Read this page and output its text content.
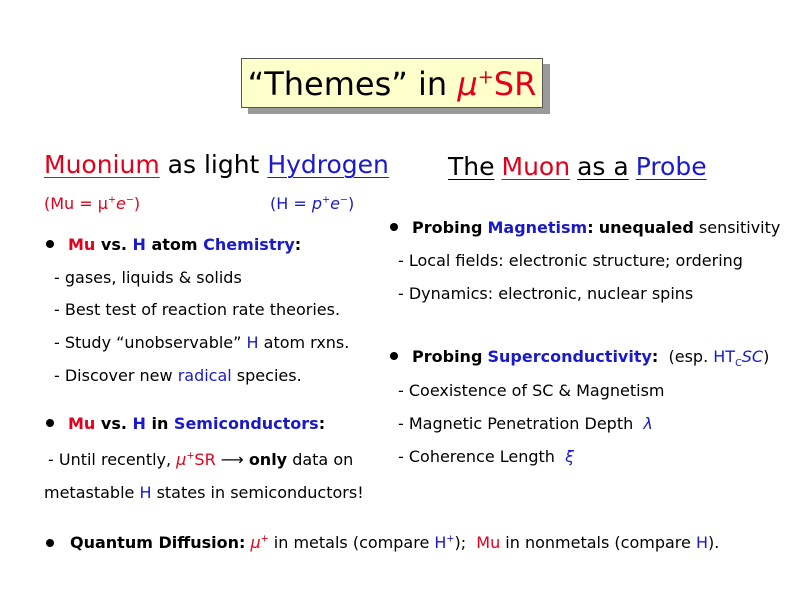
“Themes” in μ+SR
Muonium as light Hydrogen
(Mu = μ+e−)	(H = p+e−)
Mu vs. H atom Chemistry:
- gases, liquids & solids
- Best test of reaction rate theories.
- Study “unobservable” H atom rxns.
- Discover new radical species.
Mu vs. H in Semiconductors:
- Until recently, μ+SR ⟶ only data on
metastable H states in semiconductors!
The Muon as a Probe
Probing Magnetism: unequaled sensitivity
- Local fields: electronic structure; ordering
- Dynamics: electronic, nuclear spins
Probing Superconductivity:  (esp. $HT_CSC$)
- Coexistence of SC & Magnetism
- Magnetic Penetration Depth  λ
- Coherence Length  ξ
Quantum Diffusion: μ+ in metals (compare H+);  Mu in nonmetals (compare H).
